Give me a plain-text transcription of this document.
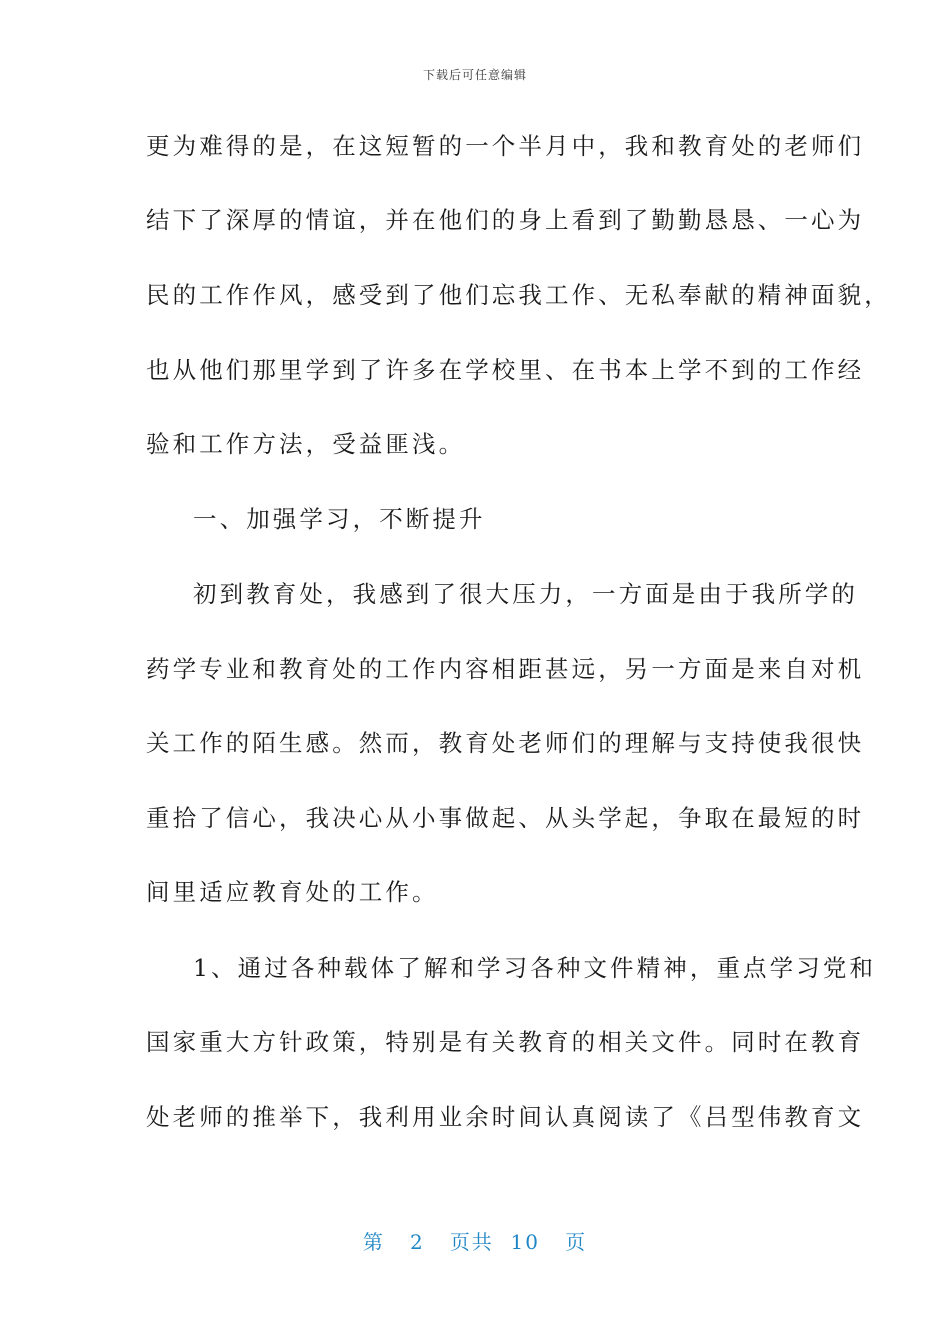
下载后可任意编辑
更为难得的是，在这短暂的一个半月中，我和教育处的老师们
结下了深厚的情谊，并在他们的身上看到了勤勤恳恳、一心为
民的工作作风，感受到了他们忘我工作、无私奉献的精神面貌，
也从他们那里学到了许多在学校里、在书本上学不到的工作经
验和工作方法，受益匪浅。
一、加强学习，不断提升
初到教育处，我感到了很大压力，一方面是由于我所学的
药学专业和教育处的工作内容相距甚远，另一方面是来自对机
关工作的陌生感。然而，教育处老师们的理解与支持使我很快
重拾了信心，我决心从小事做起、从头学起，争取在最短的时
间里适应教育处的工作。
1、通过各种载体了解和学习各种文件精神，重点学习党和
国家重大方针政策，特别是有关教育的相关文件。同时在教育
处老师的推举下，我利用业余时间认真阅读了《吕型伟教育文
第 2 页共 10 页
